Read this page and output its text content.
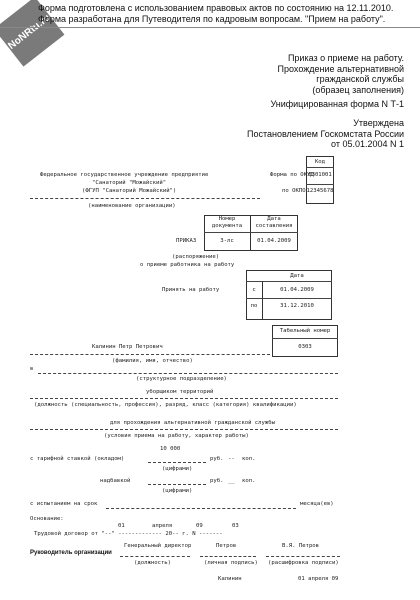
NoNRtu.ru
Форма подготовлена с использованием правовых актов по состоянию на 12.11.2010.
Форма разработана для Путеводителя по кадровым вопросам. "Прием на работу".
Приказ о приеме на работу.
Прохождение альтернативной
гражданской службы
(образец заполнения)
Унифицированная форма N Т-1
Утверждена
Постановлением Госкомстата России
от 05.01.2004 N 1
Код
Форма по ОКУД
0301001
по ОКПО 12345678
Федеральное государственное учреждение предприятие
"Санаторий "Можайский"
(ФГУП "Санаторий Можайский")
(наименование организации)
Номер документа
Дата составления
ПРИКАЗ	3-лс	01.04.2009
(распоряжение)
о приеме работника на работу
Дата
Принять на работу	с	01.04.2009
по	31.12.2010
Табельный номер
0303
Калинин Петр Петрович
(фамилия, имя, отчество)
в
(структурное подразделение)
уборщиком территорий
(должность (специальность, профессия), разряд, класс (категория) квалификации)
для прохождения альтернативной гражданской службы
(условия приема на работу, характер работы)
10 000
с тарифной ставкой (окладом)	руб. -- коп.
(цифрами)
надбавкой	руб. __ коп.
(цифрами)
с испытанием на срок	месяца(ев)
Основание:
01	апреля	09	03
Трудовой договор от "--" ------------- 20-- г. N -------
Генеральный директор	Петров	В.Я. Петров
Руководитель организации
(должность)	(личная подпись) (расшифровка подписи)
Калинин	01 апреля 09
